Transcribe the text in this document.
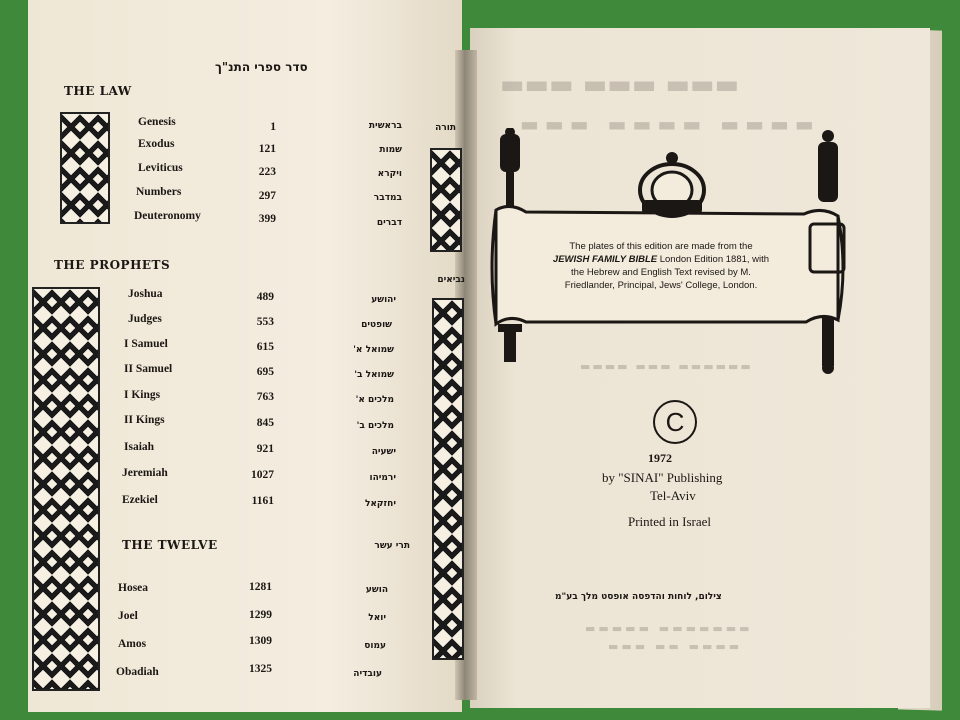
סדר ספרי התנ"ך
THE LAW
תורה
THE PROPHETS
נביאים
THE TWELVE	תרי עשר
Genesis	1	בראשית
Exodus	121	שמות
Leviticus	223	ויקרא
Numbers	297	במדבר
Deuteronomy	399	דברים
Joshua	489	יהושע
Judges	553	שופטים
I Samuel	615	שמואל א'
II Samuel	695	שמואל ב'
I Kings	763	מלכים א'
II Kings	845	מלכים ב'
Isaiah	921	ישעיה
Jeremiah	1027	ירמיהו
Ezekiel	1161	יחזקאל
Hosea	1281	הושע
Joel	1299	יואל
Amos	1309	עמוס
Obadiah	1325	עובדיה
▬▬▬ ▬▬▬ ▬▬▬
▬▬▬ ▬▬▬▬ ▬▬▬▬
The plates of this edition are made from the
JEWISH FAMILY BIBLE London Edition 1881, with
the Hebrew and English Text revised by M.
Friedlander, Principal, Jews' College, London.
▬▬▬▬ ▬▬▬ ▬▬▬▬▬▬
C
1972
by "SINAI" Publishing
Tel-Aviv
Printed in Israel
צילום, לוחות והדפסה אופסט מלך בע"מ
▬▬▬▬▬ ▬▬▬▬▬▬▬
▬▬▬ ▬▬ ▬▬▬▬
